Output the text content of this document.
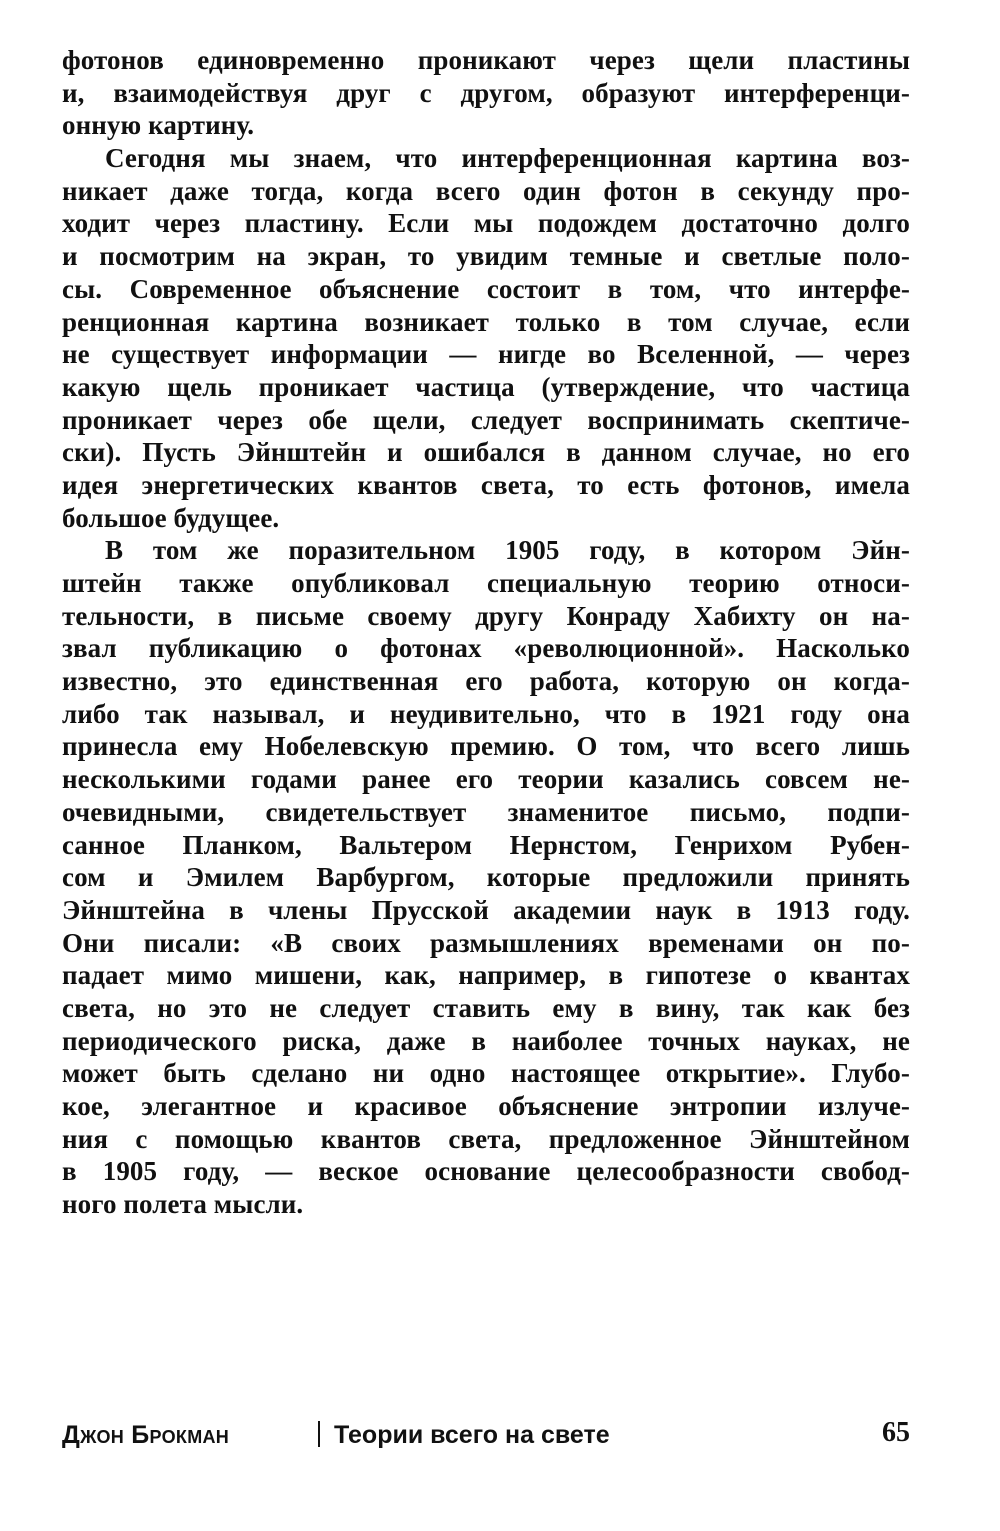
фотонов единовременно проникают через щели пластины
и, взаимодействуя друг с другом, образуют интерференци-
онную картину.
Сегодня мы знаем, что интерференционная картина воз-
никает даже тогда, когда всего один фотон в секунду про-
ходит через пластину. Если мы подождем достаточно долго
и посмотрим на экран, то увидим темные и светлые поло-
сы. Современное объяснение состоит в том, что интерфе-
ренционная картина возникает только в том случае, если
не существует информации — нигде во Вселенной, — через
какую щель проникает частица (утверждение, что частица
проникает через обе щели, следует воспринимать скептиче-
ски). Пусть Эйнштейн и ошибался в данном случае, но его
идея энергетических квантов света, то есть фотонов, имела
большое будущее.
В том же поразительном 1905 году, в котором Эйн-
штейн также опубликовал специальную теорию относи-
тельности, в письме своему другу Конраду Хабихту он на-
звал публикацию о фотонах «революционной». Насколько
известно, это единственная его работа, которую он когда-
либо так называл, и неудивительно, что в 1921 году она
принесла ему Нобелевскую премию. О том, что всего лишь
несколькими годами ранее его теории казались совсем не-
очевидными, свидетельствует знаменитое письмо, подпи-
санное Планком, Вальтером Нернстом, Генрихом Рубен-
сом и Эмилем Варбургом, которые предложили принять
Эйнштейна в члены Прусской академии наук в 1913 году.
Они писали: «В своих размышлениях временами он по-
падает мимо мишени, как, например, в гипотезе о квантах
света, но это не следует ставить ему в вину, так как без
периодического риска, даже в наиболее точных науках, не
может быть сделано ни одно настоящее открытие». Глубо-
кое, элегантное и красивое объяснение энтропии излуче-
ния с помощью квантов света, предложенное Эйнштейном
в 1905 году, — веское основание целесообразности свобод-
ного полета мысли.
Джон Брокман	Теории всего на свете	65
